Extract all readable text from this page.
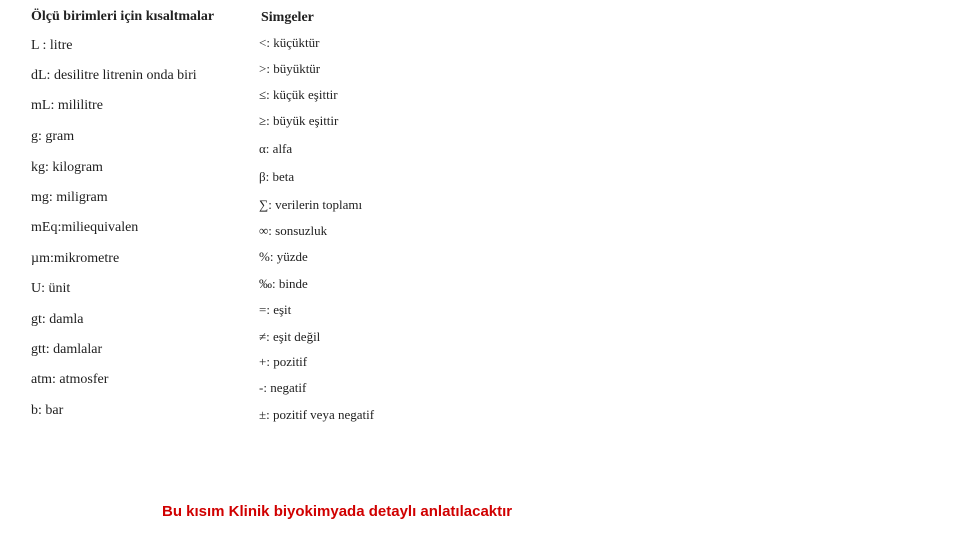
Ölçü birimleri için kısaltmalar
L : litre
dL: desilitre litrenin onda biri
mL: mililitre
g: gram
kg: kilogram
mg: miligram
mEq:miliequivalen
µm:mikrometre
U: ünit
gt: damla
gtt: damlalar
atm: atmosfer
b: bar
Simgeler
<: küçüktür
>: büyüktür
≤: küçük eşittir
≥: büyük eşittir
α: alfa
β: beta
∑: verilerin toplamı
∞: sonsuzluk
%: yüzde
‰: binde
=: eşit
≠: eşit değil
+: pozitif
-: negatif
±: pozitif veya negatif
Bu kısım Klinik biyokimyada detaylı anlatılacaktır
